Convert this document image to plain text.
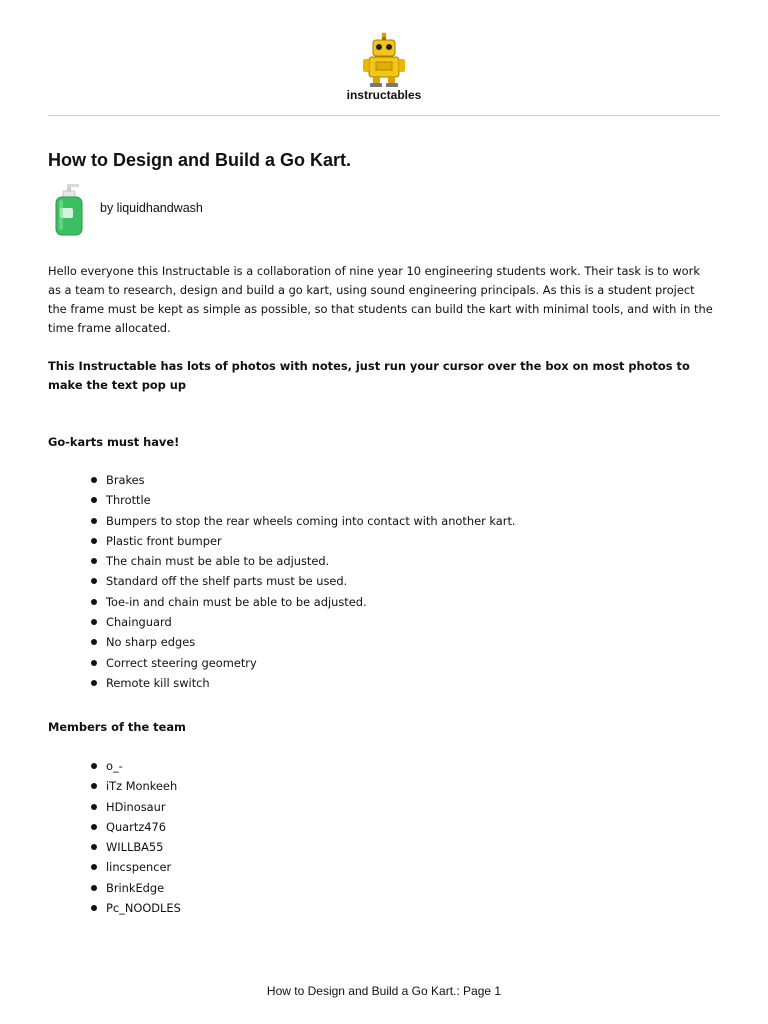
instructables
How to Design and Build a Go Kart.
by liquidhandwash

Hello everyone this Instructable is a collaboration of nine year 10 engineering students work. Their task is to work as a team to research, design and build a go kart, using sound engineering principals. As this is a student project the frame must be kept as simple as possible, so that students can build the kart with minimal tools, and with in the time frame allocated.

This Instructable has lots of photos with notes, just run your cursor over the box on most photos to make the text pop up

Go-karts must have!
Brakes
Throttle
Bumpers to stop the rear wheels coming into contact with another kart.
Plastic front bumper
The chain must be able to be adjusted.
Standard off the shelf parts must be used.
Toe-in and chain must be able to be adjusted.
Chainguard
No sharp edges
Correct steering geometry
Remote kill switch
Members of the team
o_-
iTz Monkeeh
HDinosaur
Quartz476
WILLBA55
lincspencer
BrinkEdge
Pc_NOODLES
How to Design and Build a Go Kart.: Page 1
